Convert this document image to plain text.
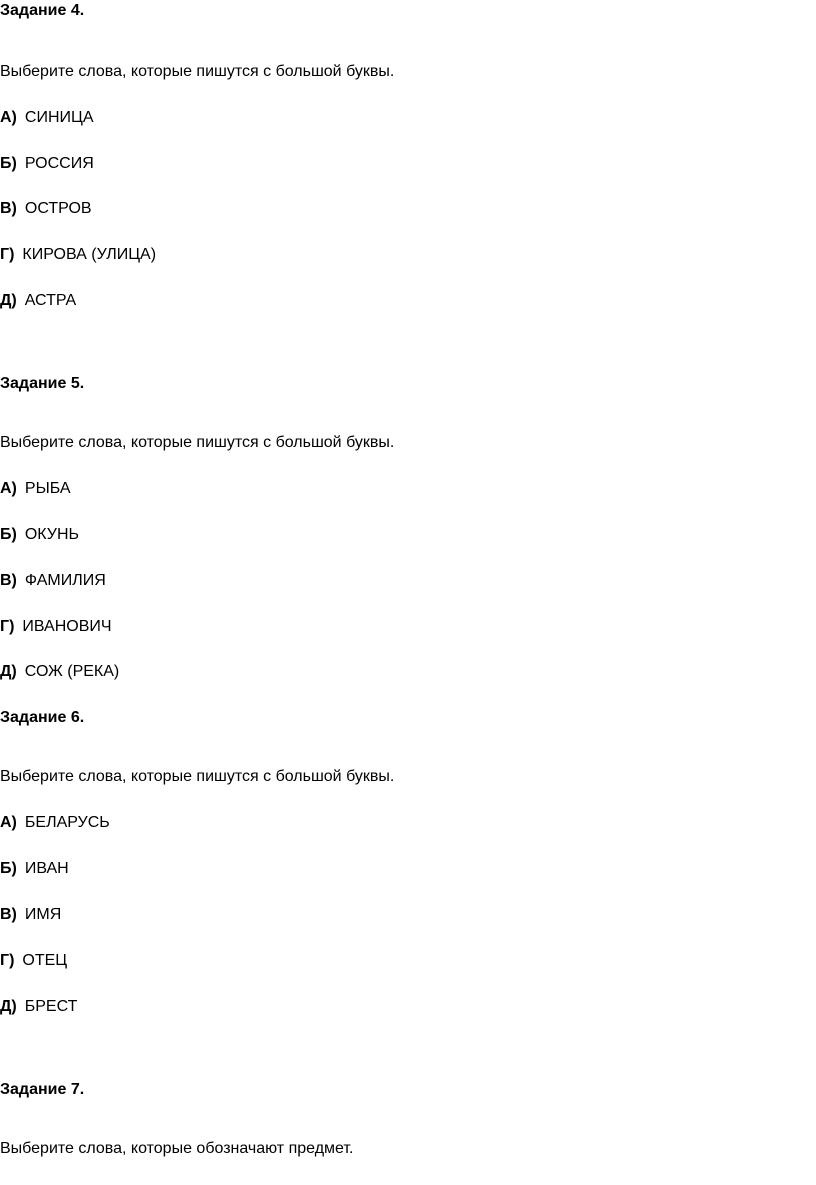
Задание 4.
Выберите слова, которые пишутся с большой буквы.
А) СИНИЦА
Б) РОССИЯ
В) ОСТРОВ
Г) КИРОВА (УЛИЦА)
Д) АСТРА
Задание 5.
Выберите слова, которые пишутся с большой буквы.
А) РЫБА
Б) ОКУНЬ
В) ФАМИЛИЯ
Г) ИВАНОВИЧ
Д) СОЖ (РЕКА)
Задание 6.
Выберите слова, которые пишутся с большой буквы.
А) БЕЛАРУСЬ
Б) ИВАН
В) ИМЯ
Г) ОТЕЦ
Д) БРЕСТ
Задание 7.
Выберите слова, которые обозначают предмет.
